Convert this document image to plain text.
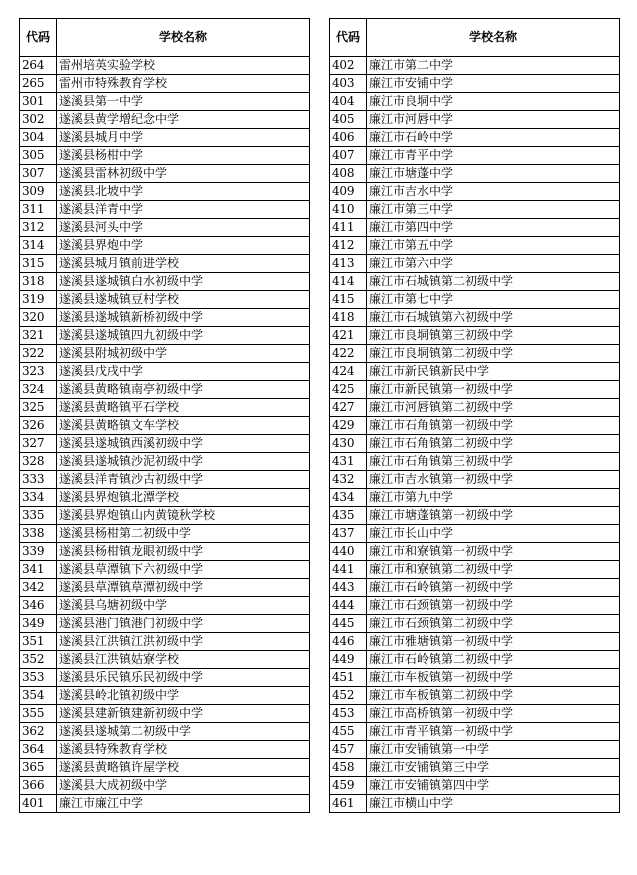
代码	学校名称		代码	学校名称
264	雷州培英实验学校		402	廉江市第二中学
265	雷州市特殊教育学校		403	廉江市安铺中学
301	遂溪县第一中学		404	廉江市良垌中学
302	遂溪县黄学增纪念中学		405	廉江市河唇中学
304	遂溪县城月中学		406	廉江市石岭中学
305	遂溪县杨柑中学		407	廉江市青平中学
307	遂溪县雷林初级中学		408	廉江市塘蓬中学
309	遂溪县北坡中学		409	廉江市吉水中学
311	遂溪县洋青中学		410	廉江市第三中学
312	遂溪县河头中学		411	廉江市第四中学
314	遂溪县界炮中学		412	廉江市第五中学
315	遂溪县城月镇前进学校		413	廉江市第六中学
318	遂溪县遂城镇白水初级中学		414	廉江市石城镇第二初级中学
319	遂溪县遂城镇豆村学校		415	廉江市第七中学
320	遂溪县遂城镇新桥初级中学		418	廉江市石城镇第六初级中学
321	遂溪县遂城镇四九初级中学		421	廉江市良垌镇第三初级中学
322	遂溪县附城初级中学		422	廉江市良垌镇第二初级中学
323	遂溪县戊戌中学		424	廉江市新民镇新民中学
324	遂溪县黄略镇南亭初级中学		425	廉江市新民镇第一初级中学
325	遂溪县黄略镇平石学校		427	廉江市河唇镇第二初级中学
326	遂溪县黄略镇文车学校		429	廉江市石角镇第一初级中学
327	遂溪县遂城镇西溪初级中学		430	廉江市石角镇第二初级中学
328	遂溪县遂城镇沙泥初级中学		431	廉江市石角镇第三初级中学
333	遂溪县洋青镇沙古初级中学		432	廉江市吉水镇第一初级中学
334	遂溪县界炮镇北潭学校		434	廉江市第九中学
335	遂溪县界炮镇山内黄镜秋学校		435	廉江市塘蓬镇第一初级中学
338	遂溪县杨柑第二初级中学		437	廉江市长山中学
339	遂溪县杨柑镇龙眼初级中学		440	廉江市和寮镇第一初级中学
341	遂溪县草潭镇下六初级中学		441	廉江市和寮镇第二初级中学
342	遂溪县草潭镇草潭初级中学		443	廉江市石岭镇第一初级中学
346	遂溪县乌塘初级中学		444	廉江市石颈镇第一初级中学
349	遂溪县港门镇港门初级中学		445	廉江市石颈镇第二初级中学
351	遂溪县江洪镇江洪初级中学		446	廉江市雅塘镇第一初级中学
352	遂溪县江洪镇姑寮学校		449	廉江市石岭镇第二初级中学
353	遂溪县乐民镇乐民初级中学		451	廉江市车板镇第一初级中学
354	遂溪县岭北镇初级中学		452	廉江市车板镇第二初级中学
355	遂溪县建新镇建新初级中学		453	廉江市高桥镇第一初级中学
362	遂溪县遂城第二初级中学		455	廉江市青平镇第一初级中学
364	遂溪县特殊教育学校		457	廉江市安铺镇第一中学
365	遂溪县黄略镇许屋学校		458	廉江市安铺镇第三中学
366	遂溪县大成初级中学		459	廉江市安铺镇第四中学
401	廉江市廉江中学		461	廉江市横山中学
